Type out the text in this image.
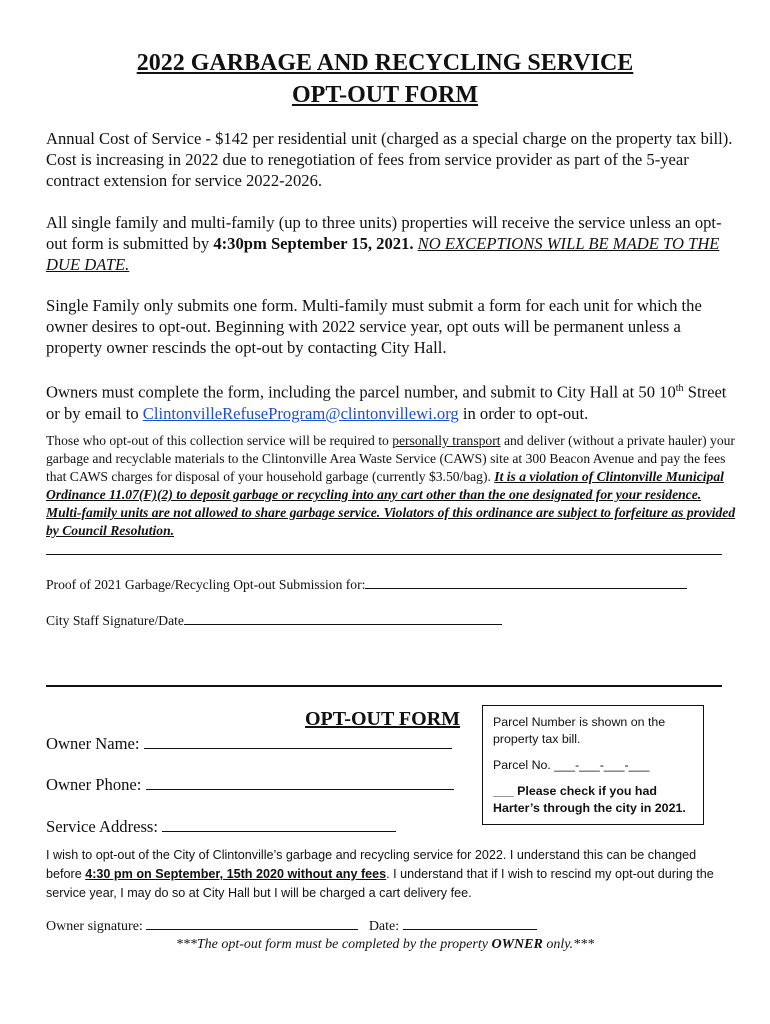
2022 GARBAGE AND RECYCLING SERVICE
OPT-OUT FORM
Annual Cost of Service - $142 per residential unit (charged as a special charge on the property tax bill). Cost is increasing in 2022 due to renegotiation of fees from service provider as part of the 5-year contract extension for service 2022-2026.
All single family and multi-family (up to three units) properties will receive the service unless an opt-out form is submitted by 4:30pm September 15, 2021. NO EXCEPTIONS WILL BE MADE TO THE DUE DATE.
Single Family only submits one form. Multi-family must submit a form for each unit for which the owner desires to opt-out. Beginning with 2022 service year, opt outs will be permanent unless a property owner rescinds the opt-out by contacting City Hall.
Owners must complete the form, including the parcel number, and submit to City Hall at 50 10th Street or by email to ClintonvilleRefuseProgram@clintonvillewi.org in order to opt-out.
Those who opt-out of this collection service will be required to personally transport and deliver (without a private hauler) your garbage and recyclable materials to the Clintonville Area Waste Service (CAWS) site at 300 Beacon Avenue and pay the fees that CAWS charges for disposal of your household garbage (currently $3.50/bag). It is a violation of Clintonville Municipal Ordinance 11.07(F)(2) to deposit garbage or recycling into any cart other than the one designated for your residence. Multi-family units are not allowed to share garbage service. Violators of this ordinance are subject to forfeiture as provided by Council Resolution.
Proof of 2021 Garbage/Recycling Opt-out Submission for:
City Staff Signature/Date
OPT-OUT FORM
Owner Name:
Owner Phone:
Service Address:

Parcel Number is shown on the property tax bill.

Parcel No. ___-___-___-___

___ Please check if you had Harter’s through the city in 2021.

I wish to opt-out of the City of Clintonville’s garbage and recycling service for 2022. I understand this can be changed before 4:30 pm on September, 15th 2020 without any fees. I understand that if I wish to rescind my opt-out during the service year, I may do so at City Hall but I will be charged a cart delivery fee.
Owner signature:	Date:
***The opt-out form must be completed by the property OWNER only.***
